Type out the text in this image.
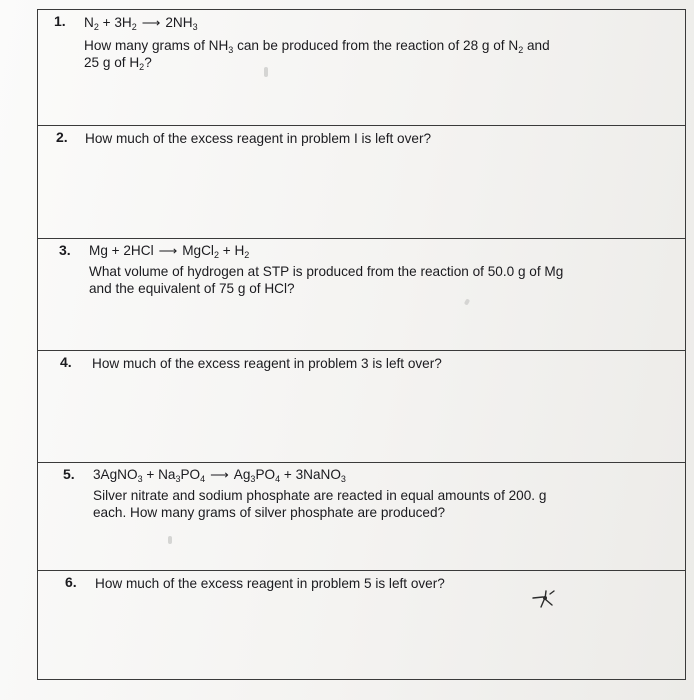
1. $N_2 + 3H_2$ ⟶ $2NH_3$
How many grams of $NH_3$ can be produced from the reaction of 28 g of $N_2$ and
25 g of $H_2$?
2. How much of the excess reagent in problem I is left over?
3. Mg + 2HCl ⟶ MgCl$_2$ + $H_2$
What volume of hydrogen at STP is produced from the reaction of 50.0 g of Mg
and the equivalent of 75 g of HCl?
4. How much of the excess reagent in problem 3 is left over?
5. 3AgNO$_3$ + $Na_3PO_4$ ⟶ $Ag_3PO_4$ + 3NaNO$_3$
Silver nitrate and sodium phosphate are reacted in equal amounts of 200. g
each. How many grams of silver phosphate are produced?
6. How much of the excess reagent in problem 5 is left over?
